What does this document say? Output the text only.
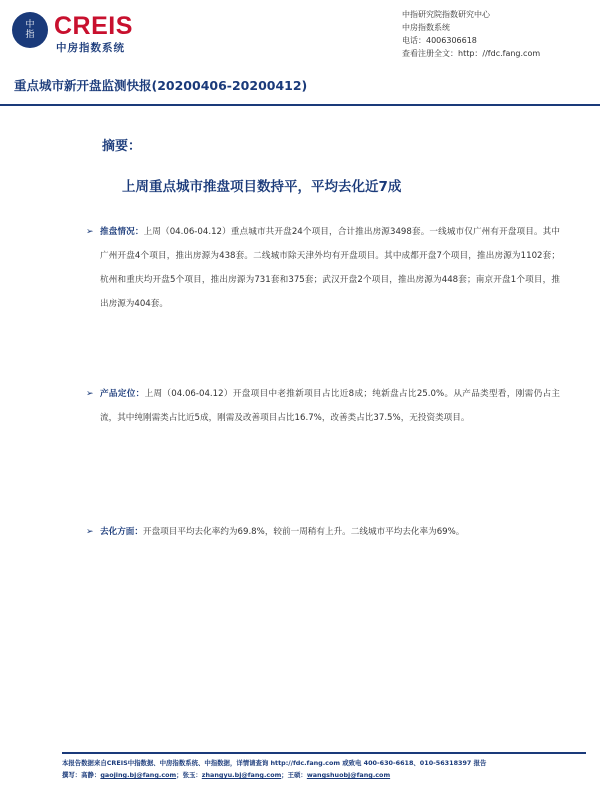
中
指 CREIS
中房指数系统
中指研究院指数研究中心
中房指数系统
电话：4006306618
查看注册全文：http：//fdc.fang.com
重点城市新开盘监测快报(20200406-20200412)
摘要：
上周重点城市推盘项目数持平，平均去化近7成
➢ 推盘情况：上周（04.06-04.12）重点城市共开盘24个项目，合计推出房源3498套。一线城市仅广州有开盘项目。其中广州开盘4个项目，推出房源为438套。二线城市除天津外均有开盘项目。其中成都开盘7个项目，推出房源为1102套；杭州和重庆均开盘5个项目，推出房源为731套和375套；武汉开盘2个项目，推出房源为448套；南京开盘1个项目，推出房源为404套。
➢ 产品定位：上周（04.06-04.12）开盘项目中老推新项目占比近8成；纯新盘占比25.0%。从产品类型看，刚需仍占主流，其中纯刚需类占比近5成，刚需及改善项目占比16.7%，改善类占比37.5%，无投资类项目。
➢ 去化方面：开盘项目平均去化率约为69.8%，较前一周稍有上升。二线城市平均去化率为69%。
本报告数据来自CREIS中指数据、中房指数系统、中指数据，详情请查询 http://fdc.fang.com 或致电 400-630-6618、010-56318397 报告
撰写：高静：gaojing.bj@fang.com；张玉：zhangyu.bj@fang.com；王硕：wangshuobj@fang.com
